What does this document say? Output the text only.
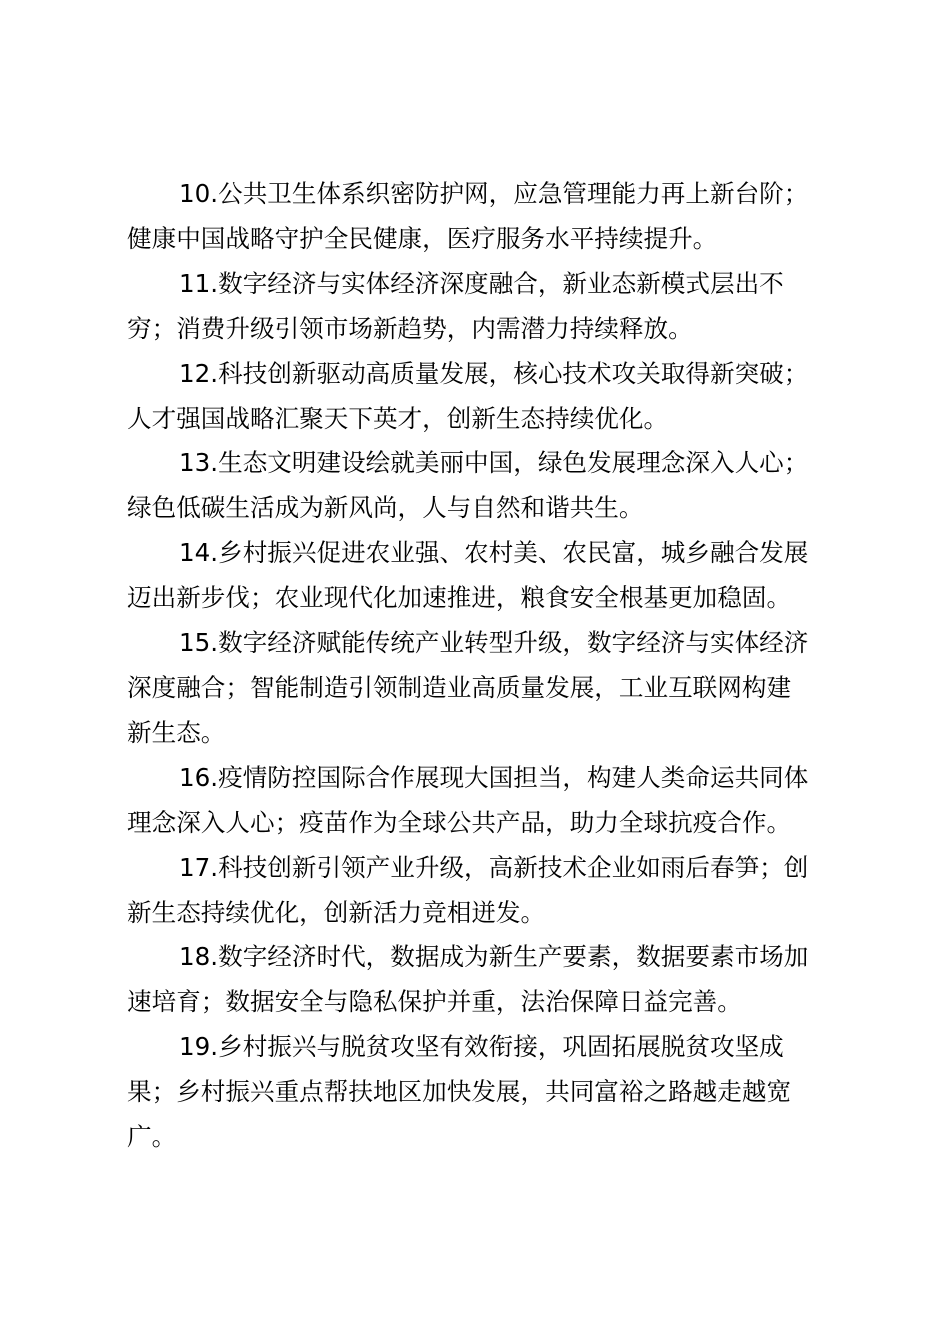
10.公共卫生体系织密防护网，应急管理能力再上新台阶；
健康中国战略守护全民健康，医疗服务水平持续提升。

11.数字经济与实体经济深度融合，新业态新模式层出不
穷；消费升级引领市场新趋势，内需潜力持续释放。

12.科技创新驱动高质量发展，核心技术攻关取得新突破；
人才强国战略汇聚天下英才，创新生态持续优化。

13.生态文明建设绘就美丽中国，绿色发展理念深入人心；
绿色低碳生活成为新风尚，人与自然和谐共生。

14.乡村振兴促进农业强、农村美、农民富，城乡融合发展
迈出新步伐；农业现代化加速推进，粮食安全根基更加稳固。

15.数字经济赋能传统产业转型升级，数字经济与实体经济
深度融合；智能制造引领制造业高质量发展，工业互联网构建
新生态。

16.疫情防控国际合作展现大国担当，构建人类命运共同体
理念深入人心；疫苗作为全球公共产品，助力全球抗疫合作。

17.科技创新引领产业升级，高新技术企业如雨后春笋；创
新生态持续优化，创新活力竞相迸发。

18.数字经济时代，数据成为新生产要素，数据要素市场加
速培育；数据安全与隐私保护并重，法治保障日益完善。

19.乡村振兴与脱贫攻坚有效衔接，巩固拓展脱贫攻坚成
果；乡村振兴重点帮扶地区加快发展，共同富裕之路越走越宽
广。
